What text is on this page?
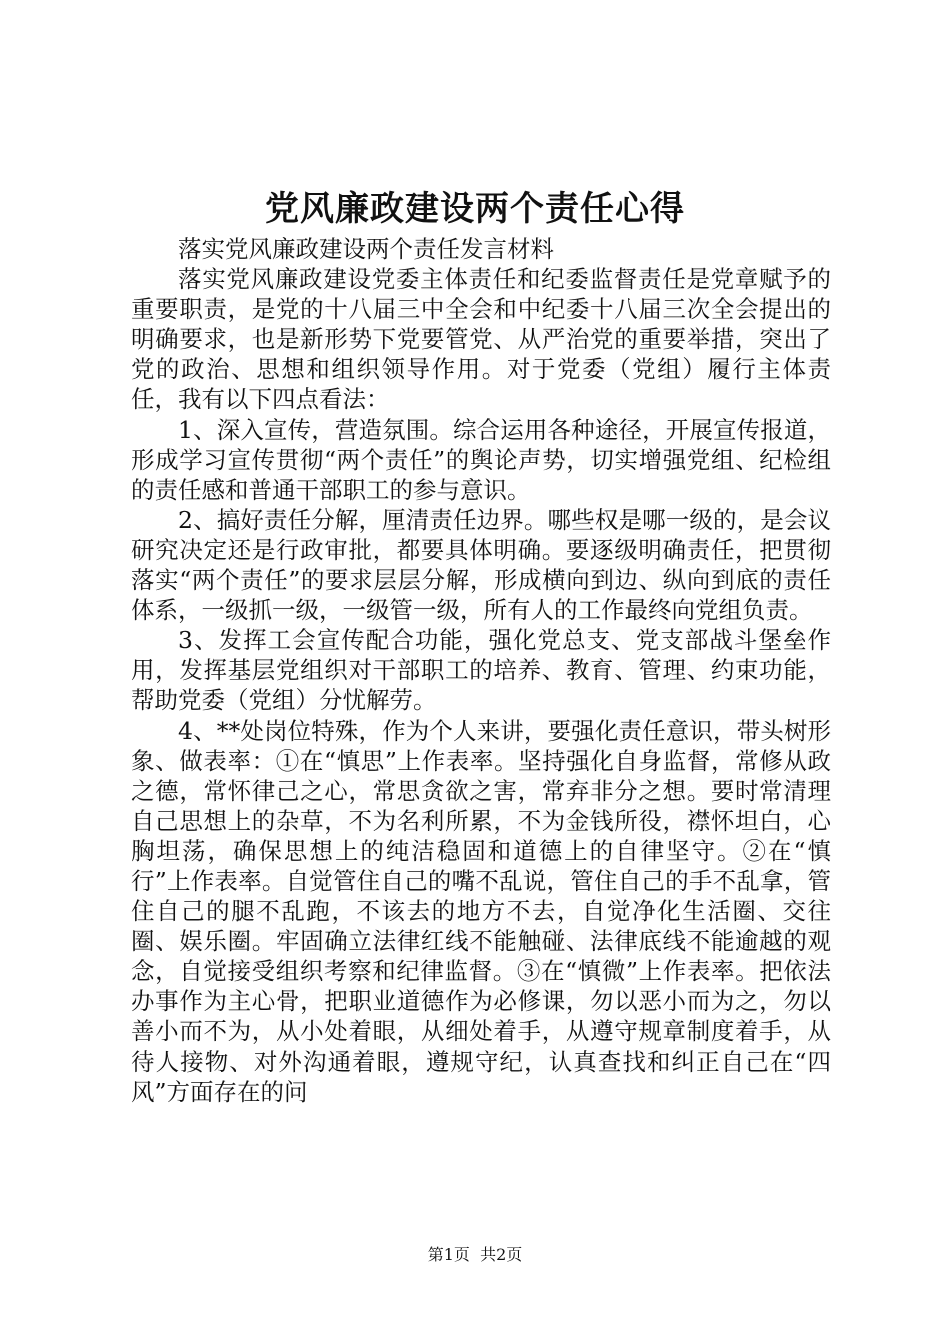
党风廉政建设两个责任心得

落实党风廉政建设两个责任发言材料

落实党风廉政建设党委主体责任和纪委监督责任是党章赋予的重要职责，是党的十八届三中全会和中纪委十八届三次全会提出的明确要求，也是新形势下党要管党、从严治党的重要举措，突出了党的政治、思想和组织领导作用。对于党委（党组）履行主体责任，我有以下四点看法：

1、深入宣传，营造氛围。综合运用各种途径，开展宣传报道，形成学习宣传贯彻“两个责任”的舆论声势，切实增强党组、纪检组的责任感和普通干部职工的参与意识。

2、搞好责任分解，厘清责任边界。哪些权是哪一级的，是会议研究决定还是行政审批，都要具体明确。要逐级明确责任，把贯彻落实“两个责任”的要求层层分解，形成横向到边、纵向到底的责任体系，一级抓一级，一级管一级，所有人的工作最终向党组负责。

3、发挥工会宣传配合功能，强化党总支、党支部战斗堡垒作用，发挥基层党组织对干部职工的培养、教育、管理、约束功能，帮助党委（党组）分忧解劳。

4、**处岗位特殊，作为个人来讲，要强化责任意识，带头树形象、做表率：①在“慎思”上作表率。坚持强化自身监督，常修从政之德，常怀律己之心，常思贪欲之害，常弃非分之想。要时常清理自己思想上的杂草，不为名利所累，不为金钱所役，襟怀坦白，心胸坦荡，确保思想上的纯洁稳固和道德上的自律坚守。②在“慎行”上作表率。自觉管住自己的嘴不乱说，管住自己的手不乱拿，管住自己的腿不乱跑，不该去的地方不去，自觉净化生活圈、交往圈、娱乐圈。牢固确立法律红线不能触碰、法律底线不能逾越的观念，自觉接受组织考察和纪律监督。③在“慎微”上作表率。把依法办事作为主心骨，把职业道德作为必修课，勿以恶小而为之，勿以善小而不为，从小处着眼，从细处着手，从遵守规章制度着手，从待人接物、对外沟通着眼，遵规守纪，认真查找和纠正自己在“四风”方面存在的问

第1页 共2页
